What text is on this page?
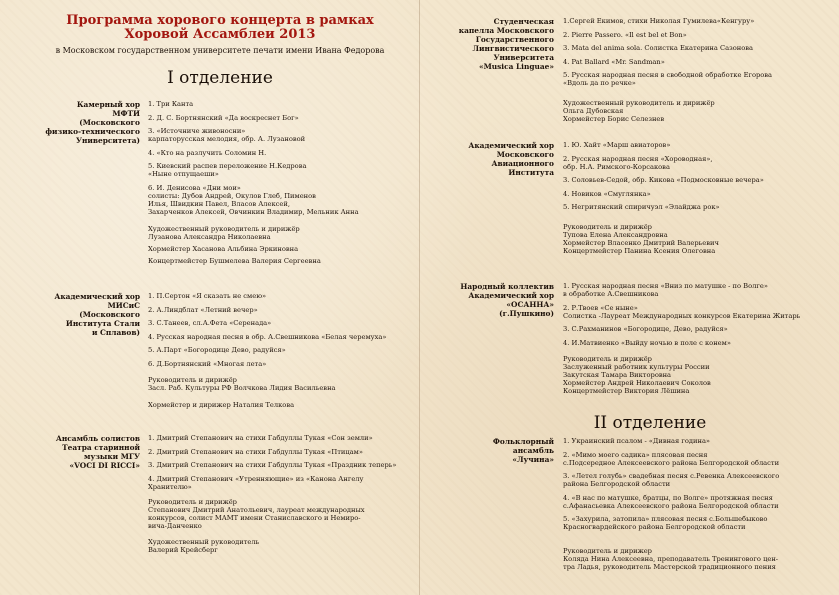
Программа хорового концерта в рамках
Хоровой Ассамблеи 2013

в Московском государственном университете печати имени Ивана Федорова

I отделение
Камерный хор
МФТИ
(Московского
физико-технического
Университета)
1. Три Канта
2. Д. С. Бортнянский «Да воскреснет Бог»
3. «Источниче живоносни»
карпаторусская мелодия, обр. А. Лузановой
4. «Кто на разлучить Соломин Н.
5. Киевский распев переложение Н.Кедрова
«Ныне отпущаеши»
6. И. Денисова «Дни мои»
солисты: Дубов Андрей, Окулов Глеб, Пименов
Илья, Швидкин Павел, Власов Алексей,
Захарченков Алексей, Овчинкин Владимир, Мельник Анна

Художественный руководитель и дирижёр
Лузанова Александра Николаевна

Хормейстер Хасанова Альбина Эркиновна

Концертмейстер Бушмелева Валерия Сергеевна

Академический хор
МИСиС
(Московского
Института Стали
и Сплавов)
1. П.Сертон «Я сказать не смею»
2. А.Линдблат «Летний вечер»
3. С.Танеев, сл.А.Фета «Серенада»
4. Русская народная песня в обр. А.Свешникова «Белая черемуха»
5. А.Парт «Богородице Дево, радуйся»
6. Д.Бортнянский «Многая лета»

Руководитель и дирижёр
Засл. Раб. Культуры РФ Волчкова Лидия Васильевна

Хормейстер и дирижер Наталия Телкова

Ансамбль солистов
Театра старинной
музыки МГУ
«VOCI DI RICCI»
1. Дмитрий Степанович на стихи Габдуллы Тукая «Сон земли»
2. Дмитрий Степанович на стихи Габдуллы Тукая «Птицам»
3. Дмитрий Степанович на стихи Габдуллы Тукая «Праздник теперь»
4. Дмитрий Степанович «Утренняющие» из «Канона Ангелу
Хранителю»

Руководитель и дирижёр
Степанович Дмитрий Анатольевич, лауреат международных
конкурсов, солист МАМТ имени Станиславского и Немиро-
вича-Данченко

Художественный руководитель
Валерий Крейсберг

Студенческая
капелла Московского
Государственного
Лингвистического
Университета
«Musica Linguae»
1.Сергей Екимов, стихи Николая Гумилева«Кенгуру»
2. Pierre Passero. «Il est bel et Bon»
3. Mata del anima sola. Солистка Екатерина Сазонова
4. Pat Ballard «Mr. Sandman»
5. Русская народная песня в свободной обработке Егорова
«Вдоль да по речке»

Художественный руководитель и дирижёр
Ольга Дубовская
Хормейстер Борис Селезнев

Академический хор
Московского
Авиационного
Института
1. Ю. Хайт «Марш авиаторов»
2. Русская народная песня «Хороводная»,
обр. Н.А. Римского-Корсакова
3. Соловьев-Седой, обр. Кикова «Подмосковные вечера»
4. Новиков «Смуглянка»
5. Негритянский спиричуэл «Элайджа рок»

Руководитель и дирижёр
Тупова Елена Александровна
Хормейстер Власенко Дмитрий Валерьевич
Концертмейстер Панина Ксения Олеговна

Народный коллектив
Академический хор
«ОСАННА»
(г.Пушкино)
1. Русская народная песня «Вниз по матушке - по Волге»
в обработке А.Свешникова
2. Р.Твоев «Се ныне»
Солистка -Лауреат Международных конкурсов Екатерина Житарь
3. С.Рахманинов «Богородице, Дево, радуйся»
4. И.Матвиенко «Выйду ночью в поле с конем»

Руководитель и дирижёр
Заслуженный работник культуры России
Закутская Тамара Викторовна
Хормейстер Андрей Николаевич Соколов
Концертмейстер Виктория Лёшина

II отделение
Фольклорный
ансамбль
«Лучина»
1. Украинский псалом - «Дивная година»
2. «Мимо моего садика» плясовая песня
с.Подсередное Алексеевского района Белгородской области
3. «Летел голубь» свадебная песня с.Ревенка Алексеевского
района Белгородской области
4. «В нас по матушке, братцы, по Волге» протяжная песня
с.Афанасьевка Алексеевского района Белгородской области
5. «Захурила, затопила» плясовая песня с.Большебыково
Красногвардейского района Белгородской области

Руководитель и дирижер
Коляда Нина Алексеевна, преподаватель Тренингового цен-
тра Ладья, руководитель Мастерской традиционного пения
